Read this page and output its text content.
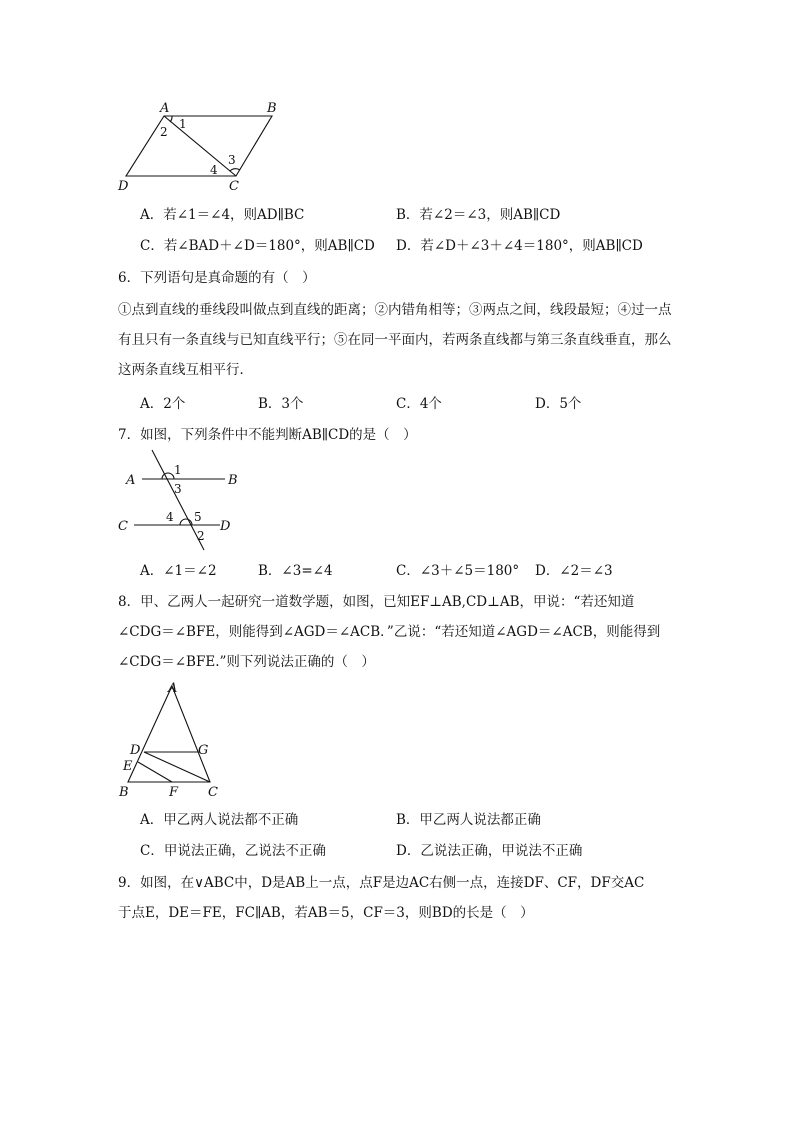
A	B
C
D
1
2
3
4
A．若∠1＝∠4，则AD∥BC	B．若∠2＝∠3，则AB∥CD
C．若∠BAD＋∠D＝180°，则AB∥CD D．若∠D＋∠3＋∠4＝180°，则AB∥CD
6．下列语句是真命题的有（　）
①点到直线的垂线段叫做点到直线的距离；②内错角相等；③两点之间，线段最短；④过一点有且只有一条直线与已知直线平行；⑤在同一平面内，若两条直线都与第三条直线垂直，那么这两条直线互相平行．
A．2个	B．3个	C．4个	D．5个
7．如图，下列条件中不能判断AB∥CD的是（　）
A	B
C	D
1
3
4 5
2
A．∠1＝∠2	B．∠3=∠4	C．∠3＋∠5＝180° D．∠2＝∠3
8．甲、乙两人一起研究一道数学题，如图，已知EF⊥AB,CD⊥AB，甲说：“若还知道
∠CDG＝∠BFE，则能得到∠AGD＝∠ACB．”乙说：“若还知道∠AGD＝∠ACB，则能得到
∠CDG＝∠BFE.”则下列说法正确的（　）
A
D	G
E
B	F C
A．甲乙两人说法都不正确	B．甲乙两人说法都正确
C．甲说法正确，乙说法不正确	D．乙说法正确，甲说法不正确
9．如图，在∨ABC中，D是AB上一点，点F是边AC右侧一点，连接DF、CF，DF交AC
于点E，DE＝FE，FC∥AB，若AB＝5，CF＝3，则BD的长是（　）
